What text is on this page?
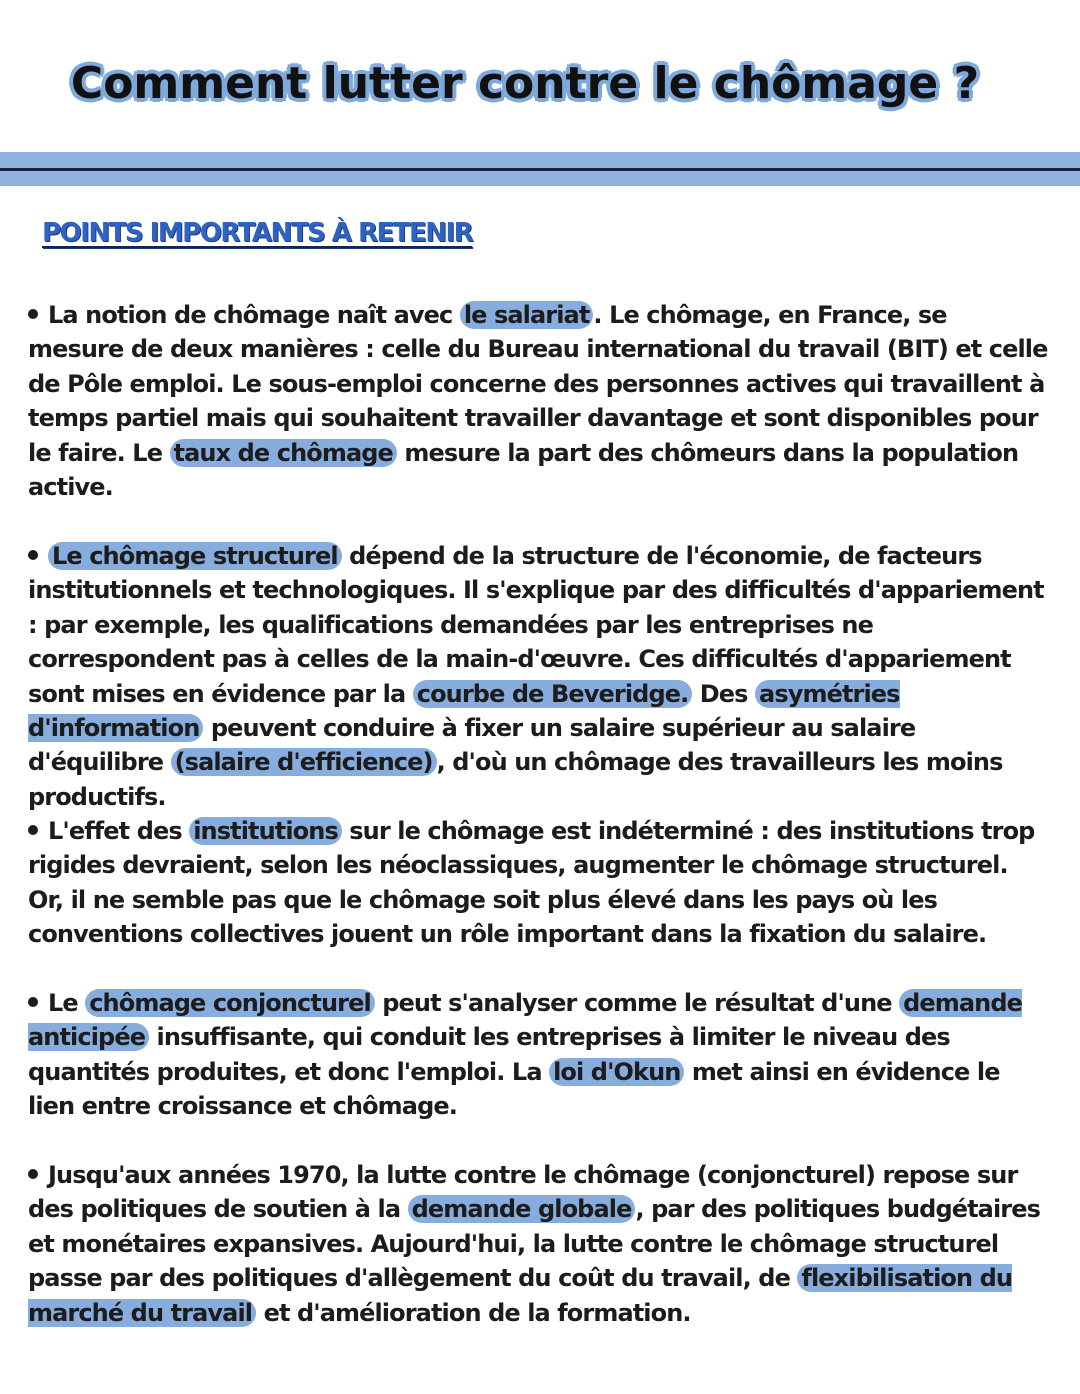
Comment lutter contre le chômage ?
POINTS IMPORTANTS À RETENIR

La notion de chômage naît avec le salariat . Le chômage, en France, se mesure de deux manières : celle du Bureau international du travail (BIT) et celle de Pôle emploi. Le sous-emploi concerne des personnes actives qui travaillent à temps partiel mais qui souhaitent travailler davantage et sont disponibles pour le faire. Le taux de chômage mesure la part des chômeurs dans la population active.

Le chômage structurel dépend de la structure de l'économie, de facteurs institutionnels et technologiques. Il s'explique par des difficultés d'appariement : par exemple, les qualifications demandées par les entreprises ne correspondent pas à celles de la main-d'œuvre. Ces difficultés d'appariement sont mises en évidence par la courbe de Beveridge. Des asymétries d'information peuvent conduire à fixer un salaire supérieur au salaire d'équilibre (salaire d'efficience) , d'où un chômage des travailleurs les moins productifs.

L'effet des institutions sur le chômage est indéterminé : des institutions trop rigides devraient, selon les néoclassiques, augmenter le chômage structurel. Or, il ne semble pas que le chômage soit plus élevé dans les pays où les conventions collectives jouent un rôle important dans la fixation du salaire.

Le chômage conjoncturel peut s'analyser comme le résultat d'une demande anticipée insuffisante, qui conduit les entreprises à limiter le niveau des quantités produites, et donc l'emploi. La loi d'Okun met ainsi en évidence le lien entre croissance et chômage.

Jusqu'aux années 1970, la lutte contre le chômage (conjoncturel) repose sur des politiques de soutien à la demande globale , par des politiques budgétaires et monétaires expansives. Aujourd'hui, la lutte contre le chômage structurel passe par des politiques d'allègement du coût du travail, de flexibilisation du marché du travail et d'amélioration de la formation.
